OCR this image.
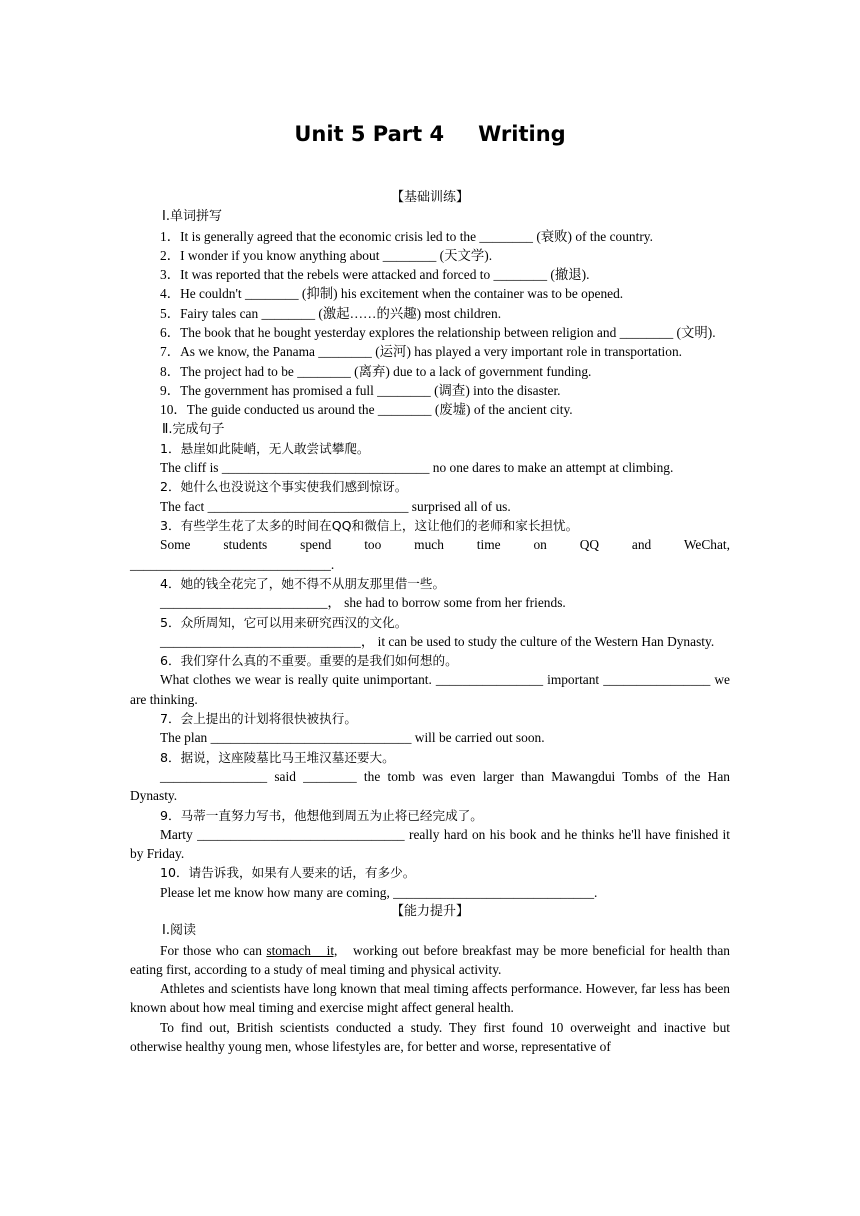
Unit 5 Part 4 Writing
【基础训练】
Ⅰ.单词拼写
1．It is generally agreed that the economic crisis led to the ________ (衰败) of the country.
2．I wonder if you know anything about ________ (天文学).
3．It was reported that the rebels were attacked and forced to ________ (撤退).
4．He couldn't ________ (抑制) his excitement when the container was to be opened.
5．Fairy tales can ________ (激起……的兴趣) most children.
6．The book that he bought yesterday explores the relationship between religion and ________ (文明).
7．As we know, the Panama ________ (运河) has played a very important role in transportation.
8．The project had to be ________ (离弃) due to a lack of government funding.
9．The government has promised a full ________ (调查) into the disaster.
10．The guide conducted us around the ________ (废墟) of the ancient city.
Ⅱ.完成句子
1．悬崖如此陡峭，无人敢尝试攀爬。
The cliff is _______________________________ no one dares to make an attempt at climbing.
2．她什么也没说这个事实使我们感到惊讶。
The fact ______________________________ surprised all of us.
3．有些学生花了太多的时间在QQ和微信上，这让他们的老师和家长担忧。
Some students spend too much time on QQ and WeChat,
______________________________.
4．她的钱全花完了，她不得不从朋友那里借一些。
_________________________， she had to borrow some from her friends.
5．众所周知，它可以用来研究西汉的文化。
______________________________， it can be used to study the culture of the Western Han Dynasty.
6．我们穿什么真的不重要。重要的是我们如何想的。
What clothes we wear is really quite unimportant. ________________ important ________________ we are thinking.
7．会上提出的计划将很快被执行。
The plan ______________________________ will be carried out soon.
8．据说，这座陵墓比马王堆汉墓还要大。
________________ said ________ the tomb was even larger than Mawangdui Tombs of the Han Dynasty.
9．马蒂一直努力写书，他想他到周五为止将已经完成了。
Marty _______________________________ really hard on his book and he thinks he'll have finished it by Friday.
10．请告诉我，如果有人要来的话，有多少。
Please let me know how many are coming, ______________________________.
【能力提升】
Ⅰ.阅读
For those who can stomach　it,　working out before breakfast may be more beneficial for health than eating first, according to a study of meal timing and physical activity.
Athletes and scientists have long known that meal timing affects performance. However, far less has been known about how meal timing and exercise might affect general health.
To find out, British scientists conducted a study. They first found 10 overweight and inactive but otherwise healthy young men, whose lifestyles are, for better and worse, representative of
